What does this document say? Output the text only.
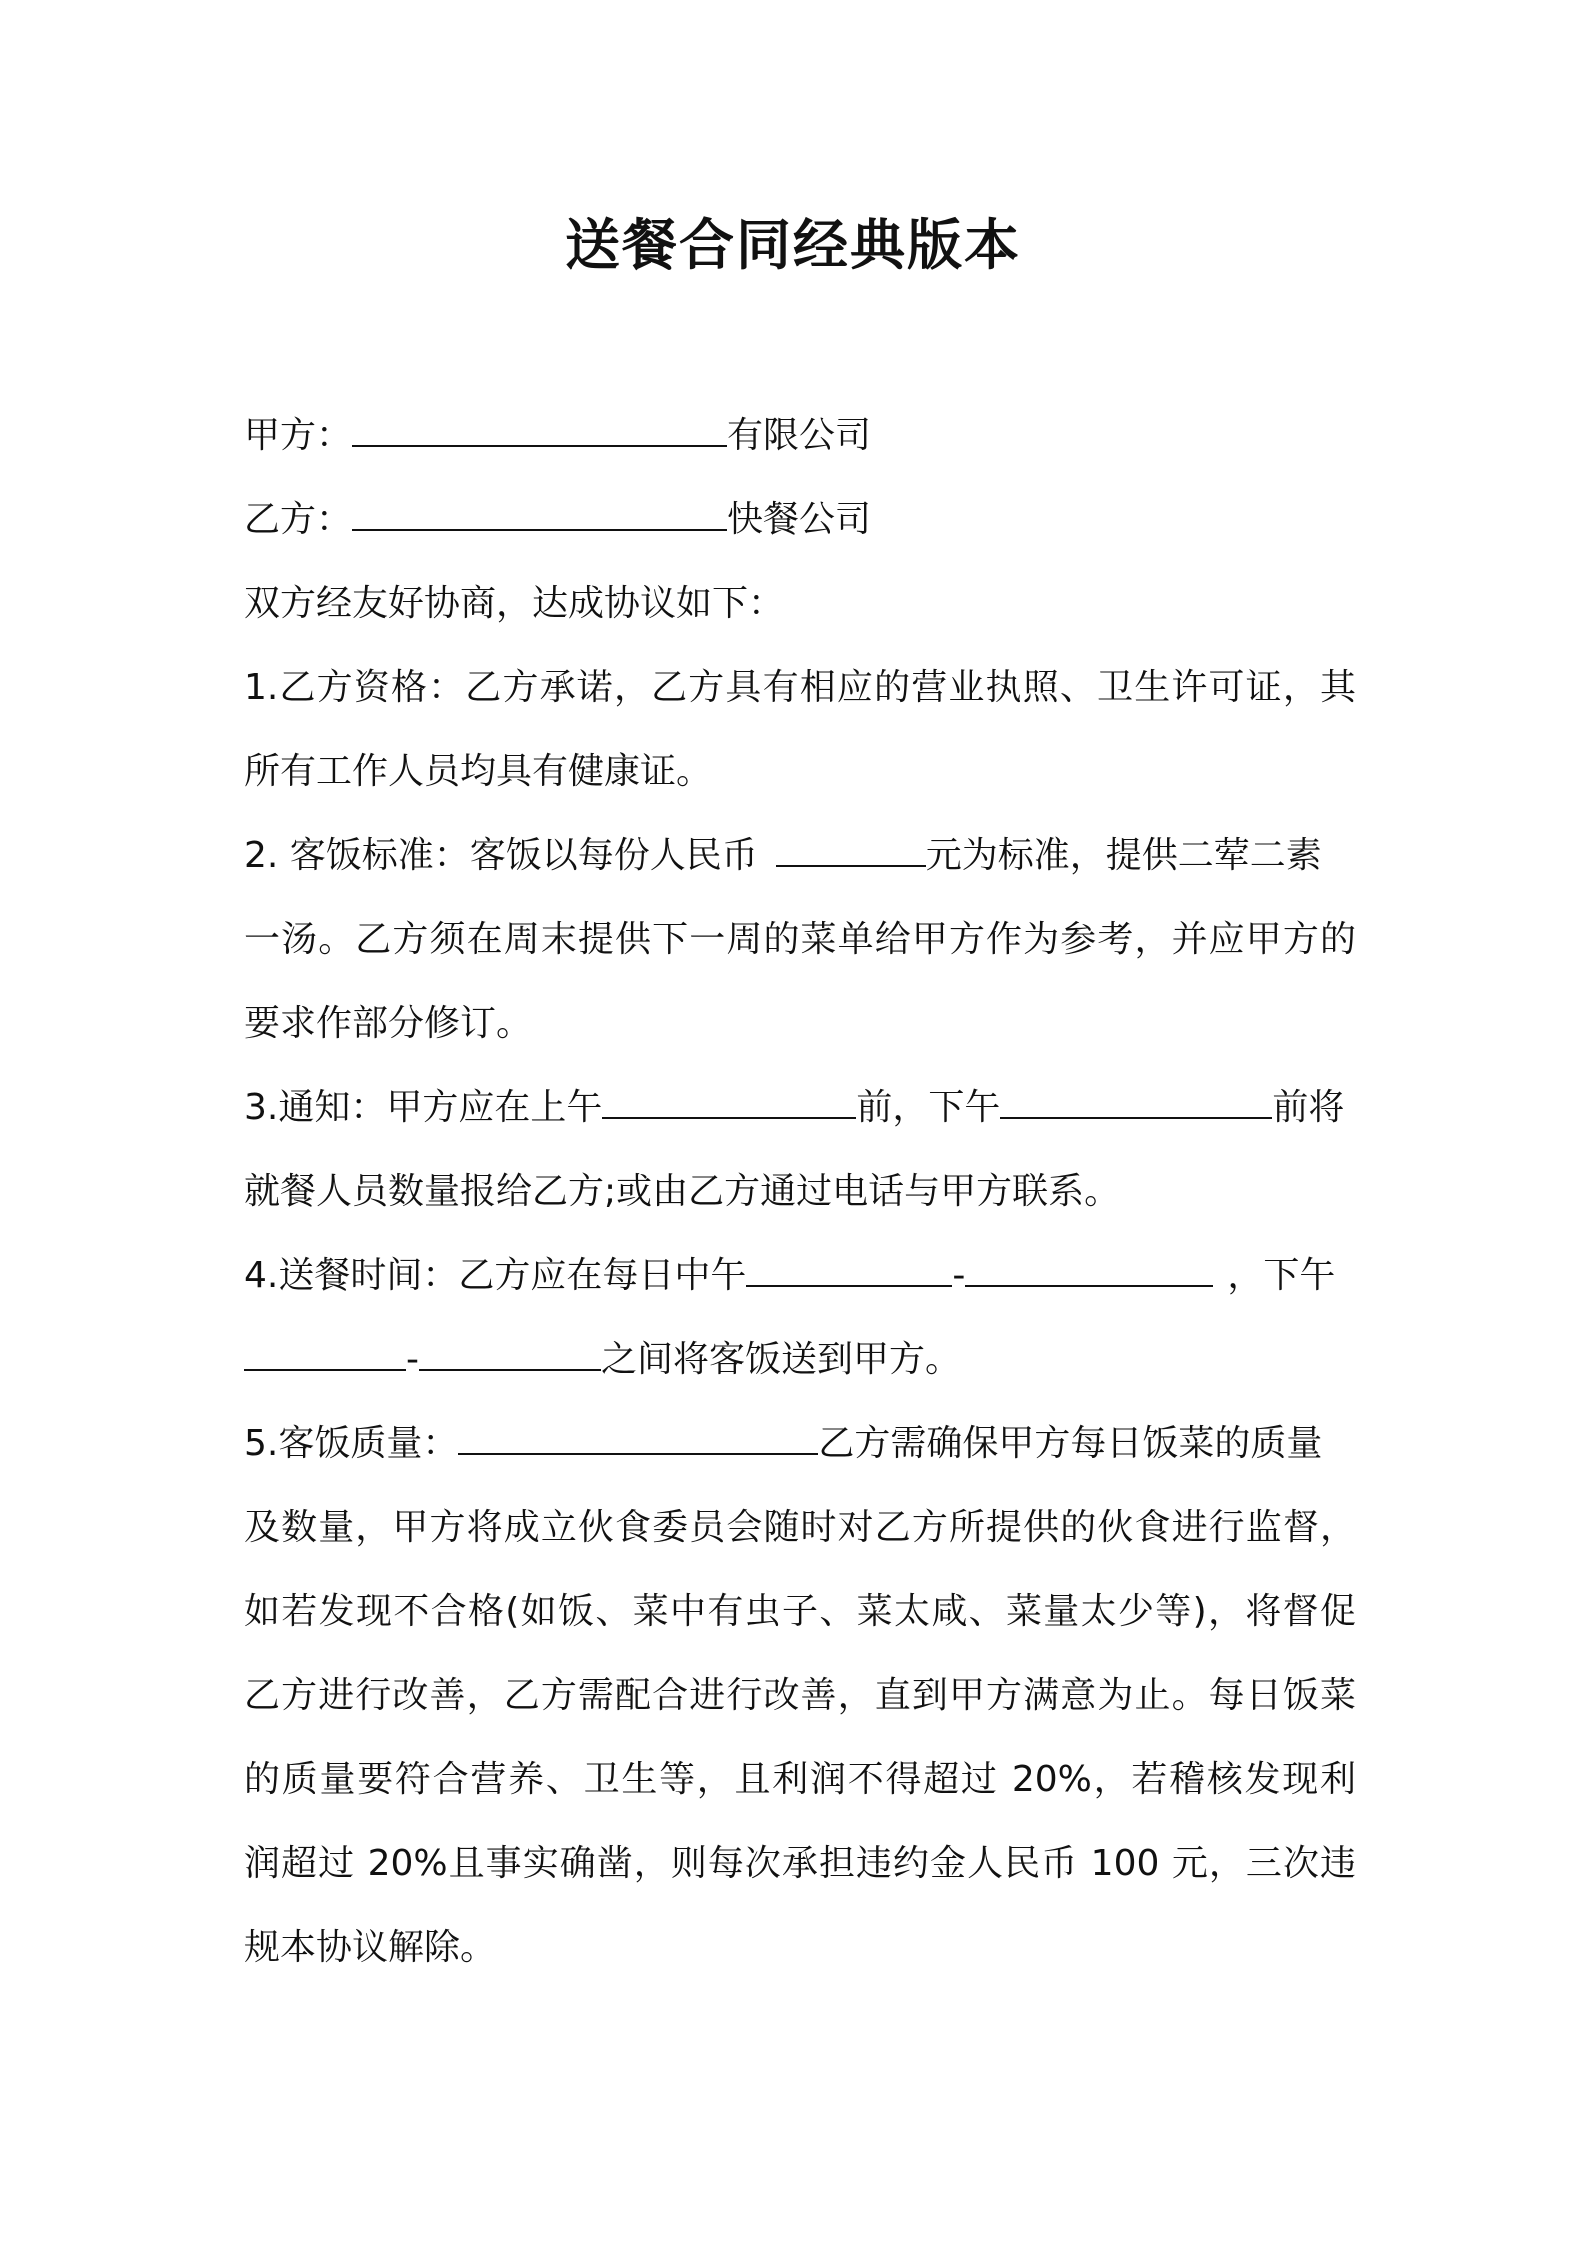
送餐合同经典版本
甲方：	有限公司
乙方：	快餐公司
双方经友好协商，达成协议如下：
1.乙方资格：乙方承诺，乙方具有相应的营业执照、卫生许可证，其
所有工作人员均具有健康证。
2. 客饭标准：客饭以每份人民币	元为标准，提供二荤二素
一汤。乙方须在周末提供下一周的菜单给甲方作为参考，并应甲方的
要求作部分修订。
3.通知：甲方应在上午	前，下午	前将
就餐人员数量报给乙方;或由乙方通过电话与甲方联系。
4.送餐时间：乙方应在每日中午	-	，下午
-	之间将客饭送到甲方。
5.客饭质量：	乙方需确保甲方每日饭菜的质量
及数量，甲方将成立伙食委员会随时对乙方所提供的伙食进行监督，
如若发现不合格(如饭、菜中有虫子、菜太咸、菜量太少等)，将督促
乙方进行改善，乙方需配合进行改善，直到甲方满意为止。每日饭菜
的质量要符合营养、卫生等，且利润不得超过 20%，若稽核发现利
润超过 20%且事实确凿，则每次承担违约金人民币 100 元，三次违
规本协议解除。
